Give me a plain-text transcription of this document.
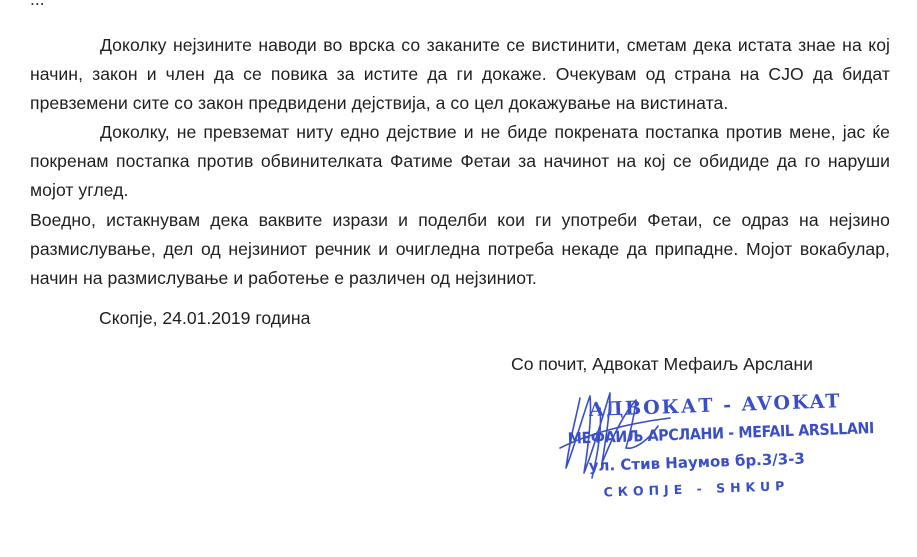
Доколку нејзините наводи во врска со заканите се вистинити, сметам дека истата знае на кој начин, закон и член да се повика за истите да ги докаже. Очекувам од страна на СЈО да бидат превземени сите со закон предвидени дејствија, а со цел докажување на вистината.

Доколку, не превземат ниту едно дејствие и не биде покрената постапка против мене, јас ќе покренам постапка против обвинителката Фатиме Фетаи за начинот на кој се обидиде да го наруши мојот углед.

Воедно, истакнувам дека ваквите изрази и поделби кои ги употреби Фетаи, се одраз на нејзино размислување, дел од нејзиниот речник и очигледна потреба некаде да припадне. Мојот вокабулар, начин на размислување и работење е различен од нејзиниот.

Скопје, 24.01.2019 година
Со почит, Адвокат Мефаиљ Арслани
АДВОКАТ - AVOKAT
МЕФАИЉ АРСЛАНИ - MEFAIL ARSLLANI
ул. Стив Наумов бр.3/3-3
СКОПЈЕ - SHKUP
